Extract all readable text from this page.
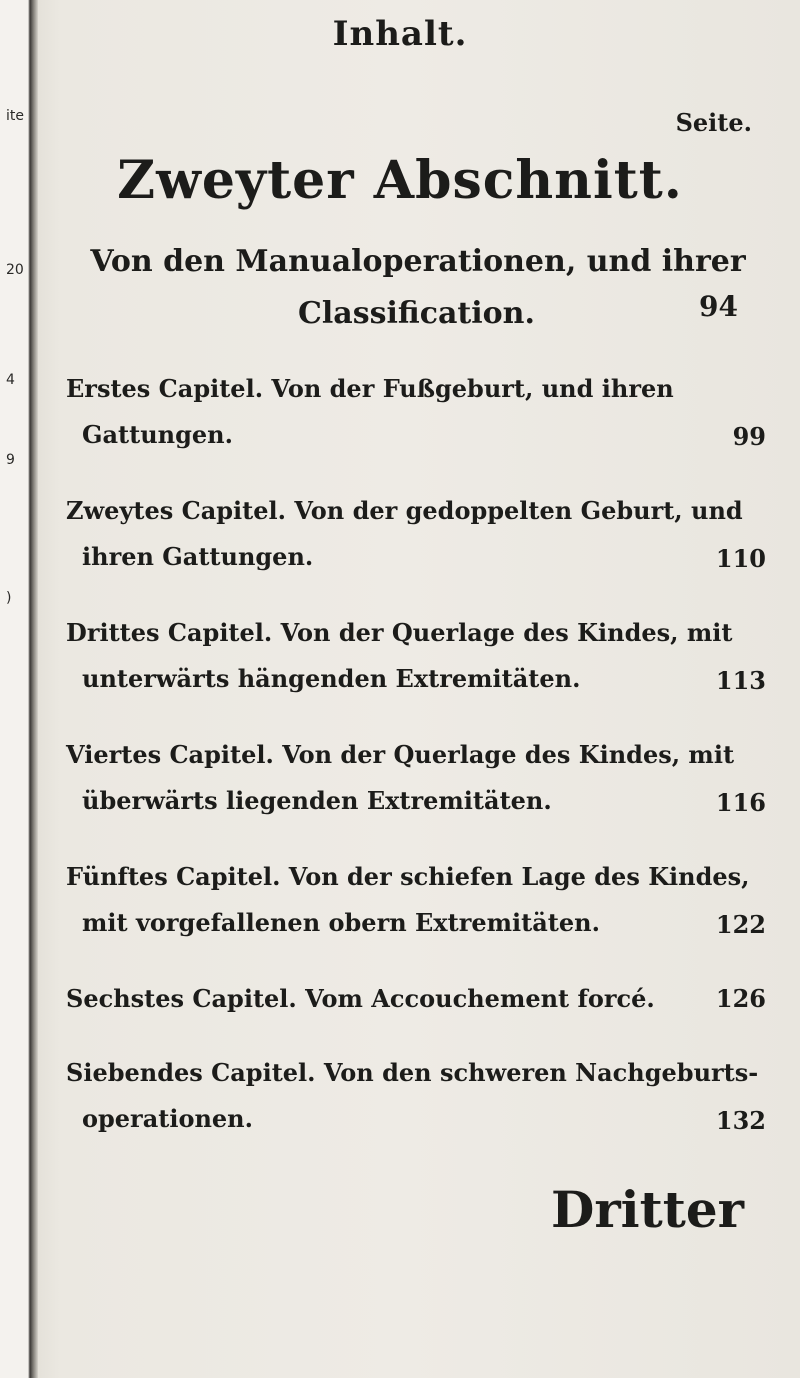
ite
20
4
9
)
Inhalt.
Seite.
Zweyter Abschnitt.
Von den Manualoperationen, und ihrer
Classification.	94
Erstes Capitel. Von der Fußgeburt, und ihren
Gattungen.	99
Zweytes Capitel. Von der gedoppelten Geburt, und
ihren Gattungen.	110
Drittes Capitel. Von der Querlage des Kindes, mit
unterwärts hängenden Extremitäten.	113
Viertes Capitel. Von der Querlage des Kindes, mit
überwärts liegenden Extremitäten.	116
Fünftes Capitel. Von der schiefen Lage des Kindes,
mit vorgefallenen obern Extremitäten.	122
Sechstes Capitel. Vom Accouchement forcé.	126
Siebendes Capitel. Von den schweren Nachgeburts-
operationen.	132
Dritter
